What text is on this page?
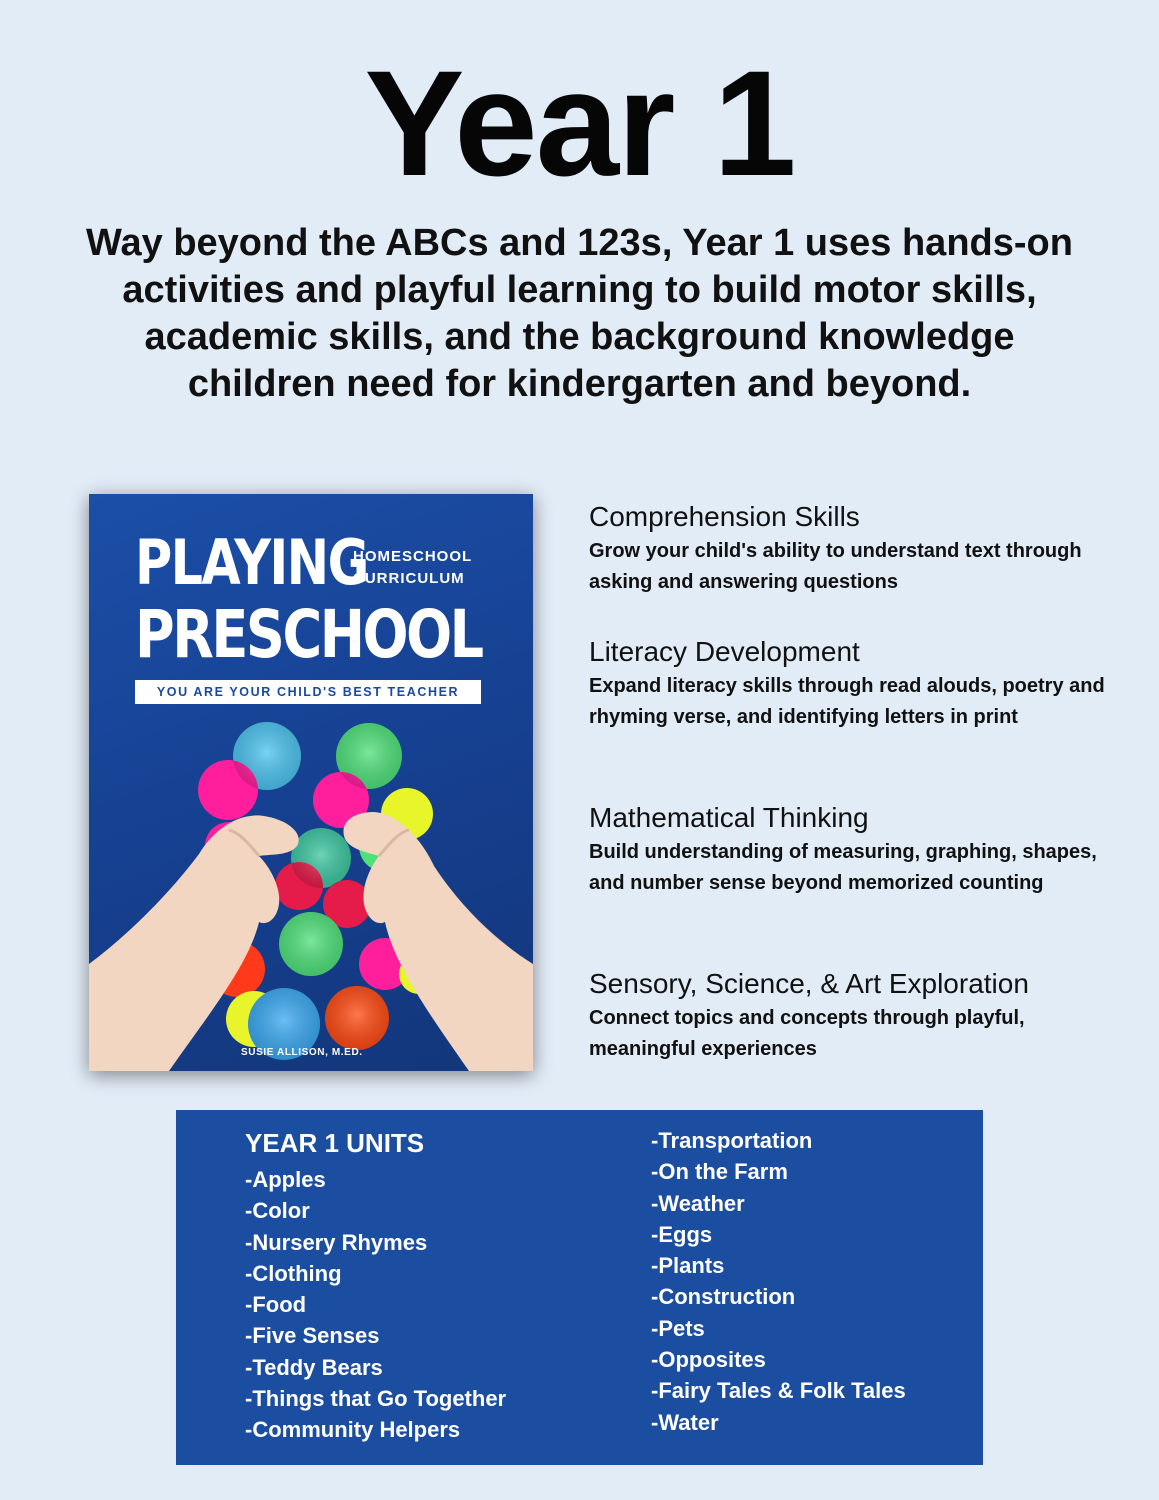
Year 1
Way beyond the ABCs and 123s, Year 1 uses hands-on activities and playful learning to build motor skills, academic skills, and the background knowledge children need for kindergarten and beyond.
PLAYING
HOMESCHOOL
CURRICULUM
PRESCHOOL
YOU ARE YOUR CHILD'S BEST TEACHER
SUSIE ALLISON, M.ED.
Comprehension Skills

Grow your child's ability to understand text through asking and answering questions

Literacy Development

Expand literacy skills through read alouds, poetry and rhyming verse, and identifying letters in print

Mathematical Thinking

Build understanding of measuring, graphing, shapes, and number sense beyond memorized counting

Sensory, Science, & Art Exploration

Connect topics and concepts through playful, meaningful experiences

YEAR 1 UNITS
-Apples
-Color
-Nursery Rhymes
-Clothing
-Food
-Five Senses
-Teddy Bears
-Things that Go Together
-Community Helpers
-Transportation
-On the Farm
-Weather
-Eggs
-Plants
-Construction
-Pets
-Opposites
-Fairy Tales & Folk Tales
-Water
